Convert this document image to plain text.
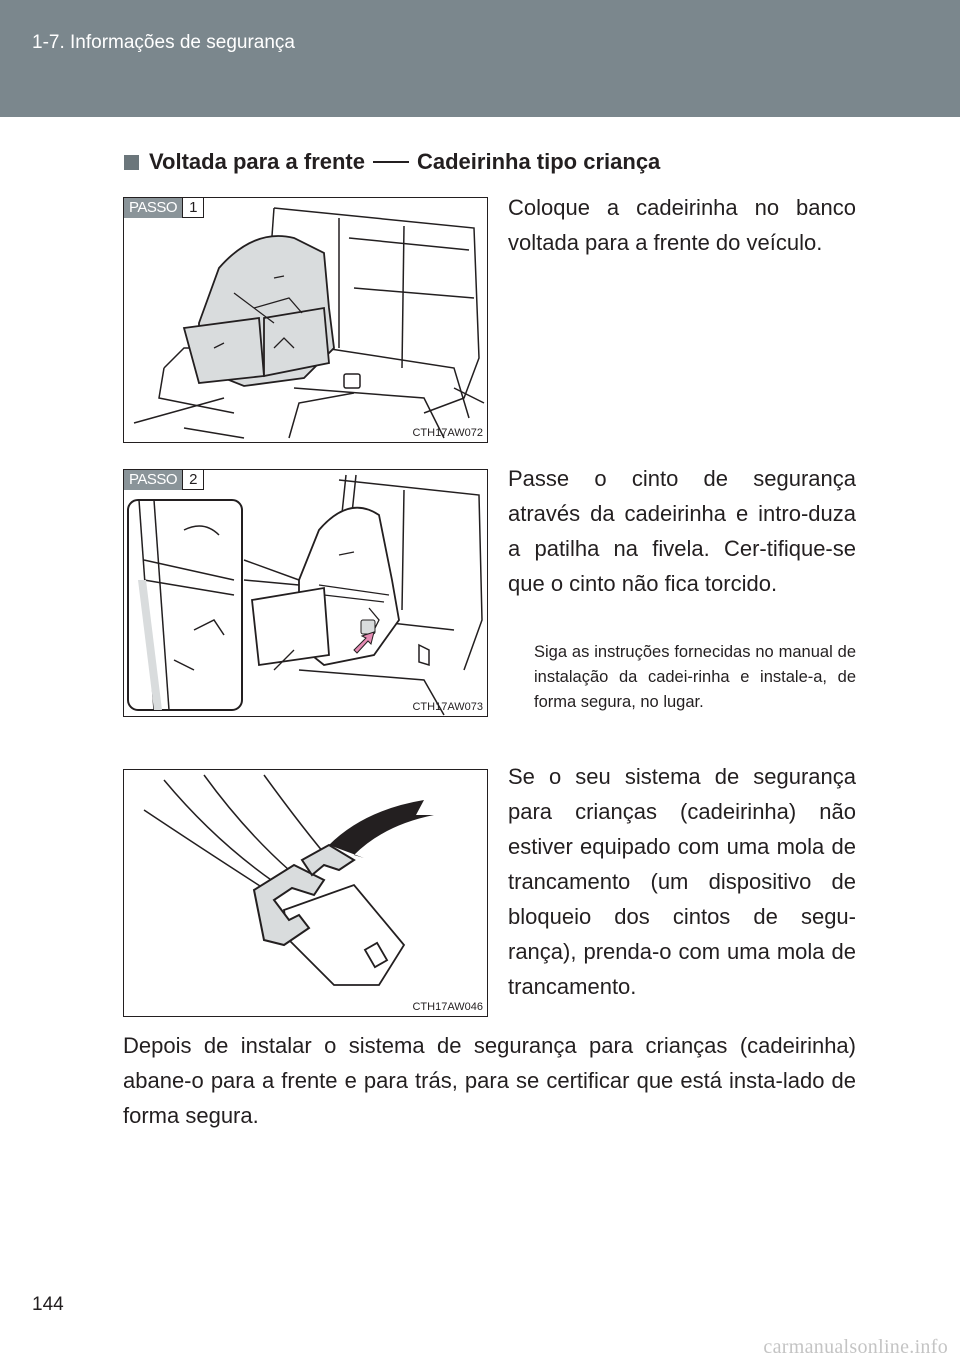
1-7. Informações de segurança
Voltada para a frente Cadeirinha tipo criança
PASSO 1
CTH17AW072
Coloque a cadeirinha no banco voltada para a frente do veículo.
PASSO 2
CTH17AW073
Passe o cinto de segurança através da cadeirinha e intro-duza a patilha na fivela. Cer-tifique-se que o cinto não fica torcido.
Siga as instruções fornecidas no manual de instalação da cadei-rinha e instale-a, de forma segura, no lugar.
CTH17AW046
Se o seu sistema de segurança para crianças (cadeirinha) não estiver equipado com uma mola de trancamento (um dispositivo de bloqueio dos cintos de segu-rança), prenda-o com uma mola de trancamento.
Depois de instalar o sistema de segurança para crianças (cadeirinha) abane-o para a frente e para trás, para se certificar que está insta-lado de forma segura.
144
carmanualsonline.info
